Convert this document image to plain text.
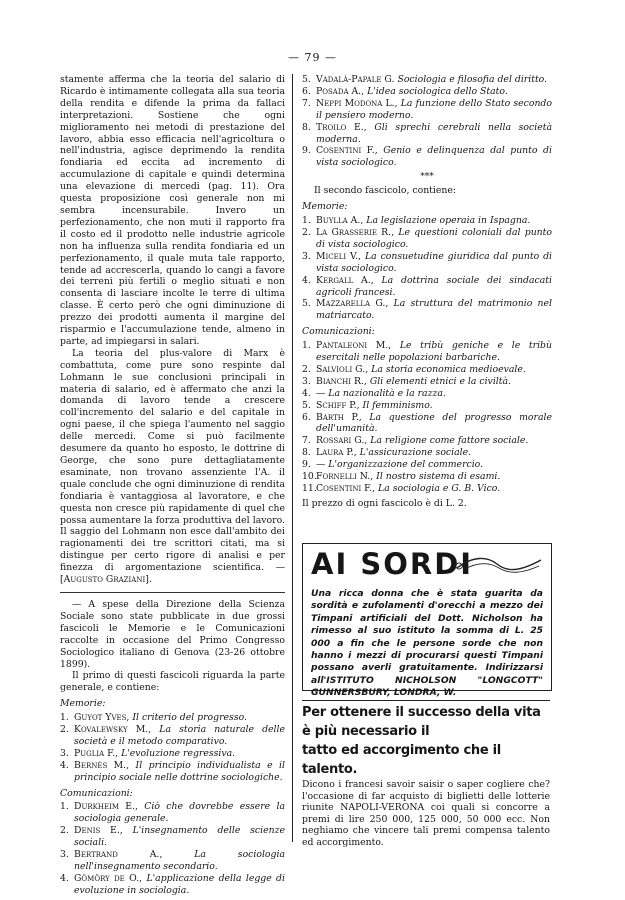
— 79 —

stamente afferma che la teoria del salario di Ricardo è intimamente collegata alla sua teoria della rendita e difende la prima da fallaci interpretazioni. Sostiene che ogni miglioramento nei metodi di prestazione del lavoro, abbia esso efficacia nell'agricoltura o nell'industria, agisce deprimendo la rendita fondiaria ed eccita ad incremento di accumulazione di capitale e quindi determina una elevazione di mercedi (pag. 11). Ora questa proposizione così generale non mi sembra incensurabile. Invero un perfezionamento, che non muti il rapporto fra il costo ed il prodotto nelle industrie agricole non ha influenza sulla rendita fondiaria ed un perfezionamento, il quale muta tale rapporto, tende ad accrescerla, quando lo cangi a favore dei terreni più fertili o meglio situati e non consenta di lasciare incolte le terre di ultima classe. È certo però che ogni diminuzione di prezzo dei prodotti aumenta il margine del risparmio e l'accumulazione tende, almeno in parte, ad impiegarsi in salari.

La teoria del plus-valore di Marx è combattuta, come pure sono respinte dal Lohmann le sue conclusioni principali in materia di salario, ed è affermato che anzi la domanda di lavoro tende a crescere coll'incremento del salario e del capitale in ogni paese, il che spiega l'aumento nel saggio delle mercedi. Come si può facilmente desumere da quanto ho esposto, le dottrine di George, che sono pure dettagliatamente esaminate, non trovano assenziente l'A. il quale conclude che ogni diminuzione di rendita fondiaria è vantaggiosa al lavoratore, e che questa non cresce più rapidamente di quel che possa aumentare la forza produttiva del lavoro. Il saggio del Lohmann non esce dall'ambito dei ragionamenti dei tre scrittori citati, ma si distingue per certo rigore di analisi e per finezza di argomentazione scientifica. — [Augusto Graziani].

— A spese della Direzione della Scienza Sociale sono state pubblicate in due grossi fascicoli le Memorie e le Comunicazioni raccolte in occasione del Primo Congresso Sociologico italiano di Genova (23-26 ottobre 1899).

Il primo di questi fascicoli riguarda la parte generale, e contiene:

Memorie:
1. Guyot Yves, Il criterio del progresso.
2. Kovalewsky M., La storia naturale delle società e il metodo comparativo.
3. Puglia F., L'evoluzione regressiva.
4. Bernès M., Il principio individualista e il principio sociale nelle dottrine sociologiche.
Comunicazioni:
1. Durkheim E., Ciò che dovrebbe essere la sociologia generale.
2. Denis E., L'insegnamento delle scienze sociali.
3. Bertrand A.,	La sociologia nell'insegnamento secondario.
4. Gömöry de O., L'applicazione della legge di evoluzione in sociologia.
5. Vadalà-Papale G. Sociologia e filosofia del diritto.
6. Posada A., L'idea sociologica dello Stato.
7. Neppi Modona L., La funzione dello Stato secondo il pensiero moderno.
8. Troilo E., Gli sprechi cerebrali nella società moderna.
9. Cosentini F., Genio e delinquenza dal punto di vista sociologico.
***

Il secondo fascicolo, contiene:

Memorie:
1. Buylla A., La legislazione operaia in Ispagna.
2. La Grasserie R., Le questioni coloniali dal punto di vista sociologico.
3. Miceli V., La consuetudine giuridica dal punto di vista sociologico.
4. Kergall A., La dottrina sociale dei sindacati agricoli francesi.
5. Mazzarella G., La struttura del matrimonio nel matriarcato.
Comunicazioni:
1. Pantaleoni M., Le tribù geniche e le tribù esercitali nelle popolazioni barbariche.
2. Salvioli G., La storia economica medioevale.
3. Bianchi R., Gli elementi etnici e la civiltà.
4. — La nazionalità e la razza.
5. Schiff P., Il femminismo.
6. Barth P., La questione del progresso morale dell'umanità.
7. Rossari G., La religione come fattore sociale.
8. Laura P., L'assicurazione sociale.
9. — L'organizzazione del commercio.
10. Fornelli N., Il nostro sistema di esami.
11. Cosentini F., La sociologia e G. B. Vico.

Il prezzo di ogni fascicolo è di L. 2.

AI SORDI
Una ricca donna che è stata guarita da sordità e zufolamenti d'orecchi a mezzo dei Timpani artificiali del Dott. Nicholson ha rimesso al suo istituto la somma di L. 25 000 a fin che le persone sorde che non hanno i mezzi di procurarsi questi Timpani possano averli gratuitamente. Indirizzarsi all'ISTITUTO NICHOLSON "LONGCOTT" GUNNERSBURY, LONDRA, W.
Per ottenere il successo della vita è più necessario il
tatto ed accorgimento che il talento.
Dicono i francesi savoir saisir o saper cogliere che? l'occasione di far acquisto di biglietti delle lotterie riunite NAPOLI-VERONA coi quali si concorre a premi di lire 250 000, 125 000, 50 000 ecc. Non neghiamo che vincere tali premi compensa talento ed accorgimento.
